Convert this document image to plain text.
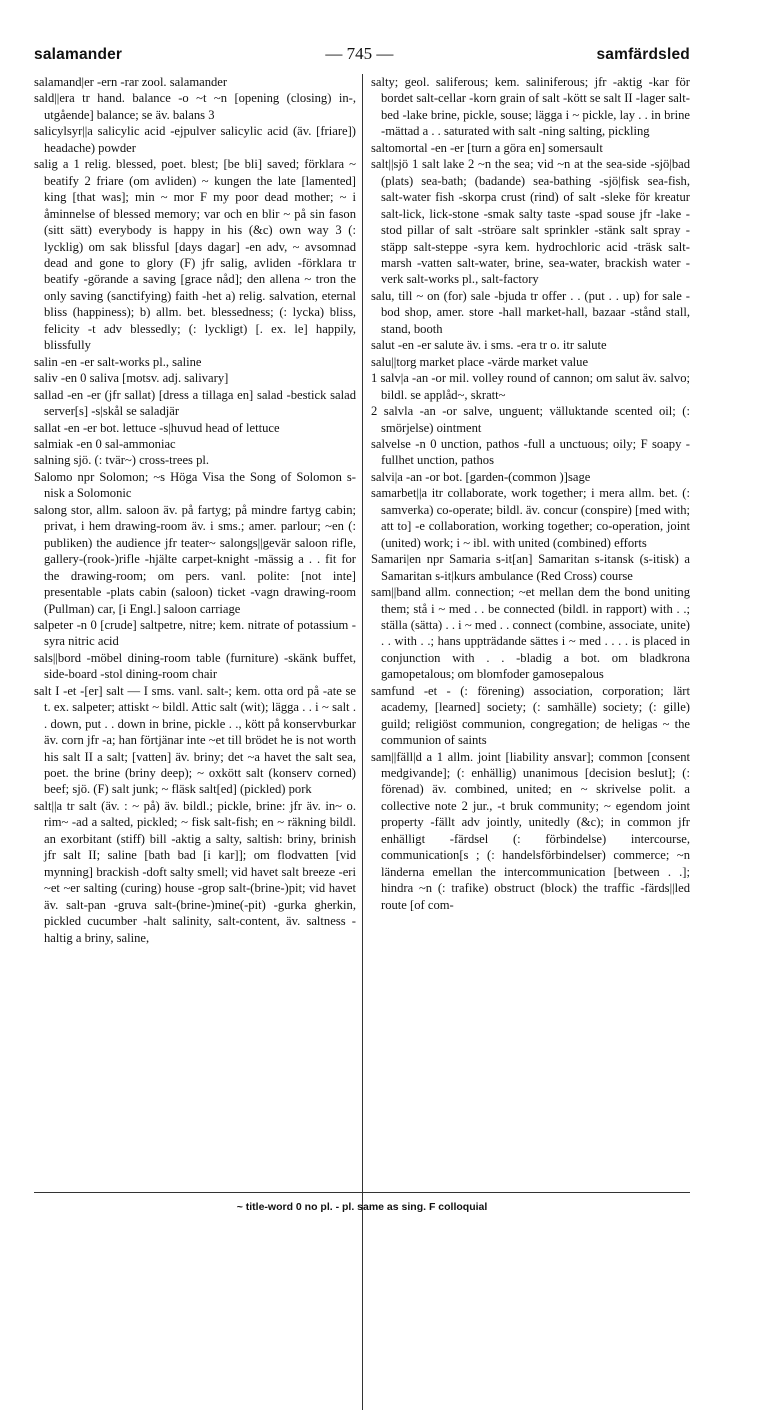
salamander	— 745 —	samfärdsled

salamand|er -ern -rar zool. salamander

sald||era tr hand. balance -o ~t ~n [opening (closing) in-, utgående] balance; se äv. balans 3

salicylsyr||a salicylic acid -ejpulver salicylic acid (äv. [friare]) headache) powder

salig a 1 relig. blessed, poet. blest; [be bli] saved; förklara ~ beatify 2 friare (om avliden) ~ kungen the late [lamented] king [that was]; min ~ mor F my poor dead mother; ~ i åminnelse of blessed memory; var och en blir ~ på sin fason (sitt sätt) everybody is happy in his (&c) own way 3 (: lycklig) om sak blissful [days dagar] -en adv, ~ avsomnad dead and gone to glory (F) jfr salig, avliden -förklara tr beatify -görande a saving [grace nåd]; den allena ~ tron the only saving (sanctifying) faith -het a) relig. salvation, eternal bliss (happiness); b) allm. bet. blessedness; (: lycka) bliss, felicity -t adv blessedly; (: lyckligt) [. ex. le] happily, blissfully

salin -en -er salt-works pl., saline

saliv -en 0 saliva [motsv. adj. salivary]

sallad -en -er (jfr sallat) [dress a tillaga en] salad -bestick salad server[s] -s|skål se saladjär

sallat -en -er bot. lettuce -s|huvud head of lettuce

salmiak -en 0 sal-ammoniac

salning sjö. (: tvär~) cross-trees pl.

Salomo npr Solomon; ~s Höga Visa the Song of Solomon s-nisk a Solomonic

salong stor, allm. saloon äv. på fartyg; på mindre fartyg cabin; privat, i hem drawing-room äv. i sms.; amer. parlour; ~en (: publiken) the audience jfr teater~ salongs||gevär saloon rifle, gallery-(rook-)rifle -hjälte carpet-knight -mässig a . . fit for the drawing-room; om pers. vanl. polite: [not inte] presentable -plats cabin (saloon) ticket -vagn drawing-room (Pullman) car, [i Engl.] saloon carriage

salpeter -n 0 [crude] saltpetre, nitre; kem. nitrate of potassium -syra nitric acid

sals||bord -möbel dining-room table (furniture) -skänk buffet, side-board -stol dining-room chair

salt I -et -[er] salt — I sms. vanl. salt-; kem. otta ord på -ate se t. ex. salpeter; attiskt ~ bildl. Attic salt (wit); lägga . . i ~ salt . . down, put . . down in brine, pickle . ., kött på konservburkar äv. corn jfr -a; han förtjänar inte ~et till brödet he is not worth his salt II a salt; [vatten] äv. briny; det ~a havet the salt sea, poet. the brine (briny deep); ~ oxkött salt (konserv corned) beef; sjö. (F) salt junk; ~ fläsk salt[ed] (pickled) pork

salt||a tr salt (äv. : ~ på) äv. bildl.; pickle, brine: jfr äv. in~ o. rim~ -ad a salted, pickled; ~ fisk salt-fish; en ~ räkning bildl. an exorbitant (stiff) bill -aktig a salty, saltish: briny, brinish jfr salt II; saline [bath bad [i kar]]; om flodvatten [vid mynning] brackish -doft salty smell; vid havet salt breeze -eri ~et ~er salting (curing) house -grop salt-(brine-)pit; vid havet äv. salt-pan -gruva salt-(brine-)mine(-pit) -gurka gherkin, pickled cucumber -halt salinity, salt-content, äv. saltness -haltig a briny, saline,

salty; geol. saliferous; kem. saliniferous; jfr -aktig -kar för bordet salt-cellar -korn grain of salt -kött se salt II -lager salt-bed -lake brine, pickle, souse; lägga i ~ pickle, lay . . in brine -mättad a . . saturated with salt -ning salting, pickling

saltomortal -en -er [turn a göra en] somersault

salt||sjö 1 salt lake 2 ~n the sea; vid ~n at the sea-side -sjö|bad (plats) sea-bath; (badande) sea-bathing -sjö|fisk sea-fish, salt-water fish -skorpa crust (rind) of salt -sleke för kreatur salt-lick, lick-stone -smak salty taste -spad souse jfr -lake -stod pillar of salt -ströare salt sprinkler -stänk salt spray -stäpp salt-steppe -syra kem. hydrochloric acid -träsk salt-marsh -vatten salt-water, brine, sea-water, brackish water -verk salt-works pl., salt-factory

salu, till ~ on (for) sale -bjuda tr offer . . (put . . up) for sale -bod shop, amer. store -hall market-hall, bazaar -stånd stall, stand, booth

salut -en -er salute äv. i sms. -era tr o. itr salute

salu||torg market place -värde market value

1 salv|a -an -or mil. volley round of cannon; om salut äv. salvo; bildl. se applåd~, skratt~

2 salvla -an -or salve, unguent; välluktande scented oil; (: smörjelse) ointment

salvelse -n 0 unction, pathos -full a unctuous; oily; F soapy -fullhet unction, pathos

salvi|a -an -or bot. [garden-(common )]sage

samarbet||a itr collaborate, work together; i mera allm. bet. (: samverka) co-operate; bildl. äv. concur (conspire) [med with; att to] -e collaboration, working together; co-operation, joint (united) work; i ~ ibl. with united (combined) efforts

Samari|en npr Samaria s-it[an] Samaritan s-itansk (s-itisk) a Samaritan s-it|kurs ambulance (Red Cross) course

sam||band allm. connection; ~et mellan dem the bond uniting them; stå i ~ med . . be connected (bildl. in rapport) with . .; ställa (sätta) . . i ~ med . . connect (combine, associate, unite) . . with . .; hans uppträdande sättes i ~ med . . . . is placed in conjunction with . . -bladig a bot. om bladkrona gamopetalous; om blomfoder gamosepalous

samfund -et - (: förening) association, corporation; lärt academy, [learned] society; (: samhälle) society; (: gille) guild; religiöst communion, congregation; de heligas ~ the communion of saints

sam||fäll|d a 1 allm. joint [liability ansvar]; common [consent medgivande]; (: enhällig) unanimous [decision beslut]; (: förenad) äv. combined, united; en ~ skrivelse polit. a collective note 2 jur., -t bruk community; ~ egendom joint property -fällt adv jointly, unitedly (&c); in common jfr enhälligt -färdsel (: förbindelse) intercourse, communication[s ; (: handelsförbindelser) commerce; ~n länderna emellan the intercommunication [between . .]; hindra ~n (: trafike) obstruct (block) the traffic -färds||led route [of com-

~ title-word 0 no pl. - pl. same as sing. F colloquial
